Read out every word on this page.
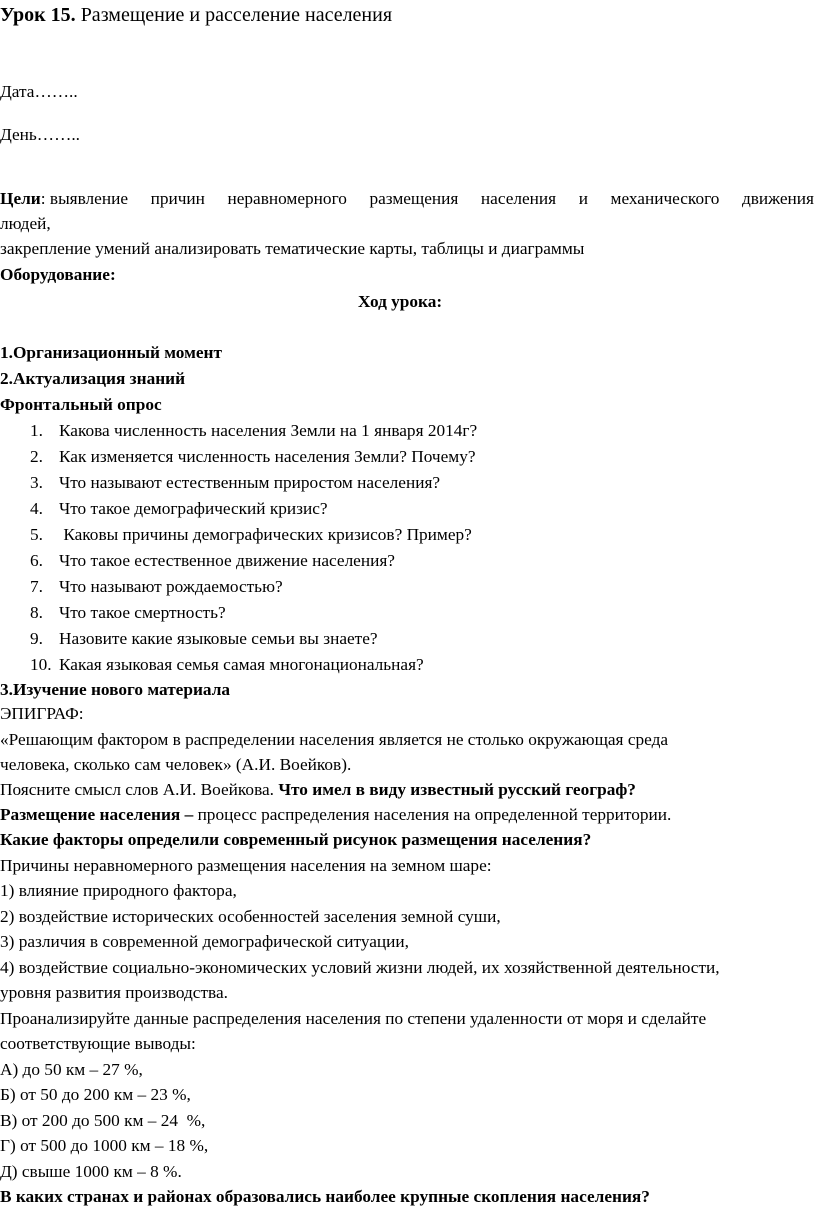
Урок 15. Размещение и расселение населения
Дата……..
День……..
Цели: выявление причин неравномерного размещения населения и механического движения
людей,
закрепление умений анализировать тематические карты, таблицы и диаграммы
Оборудование:
Ход урока:
1.Организационный момент
2.Актуализация знаний
Фронтальный опрос
1. Какова численность населения Земли на 1 января 2014г?
2. Как изменяется численность населения Земли? Почему?
3. Что называют естественным приростом населения?
4. Что такое демографический кризис?
5. Каковы причины демографических кризисов? Пример?
6. Что такое естественное движение населения?
7. Что называют рождаемостью?
8. Что такое смертность?
9. Назовите какие языковые семьи вы знаете?
10. Какая языковая семья самая многонациональная?
3.Изучение нового материала
ЭПИГРАФ:
«Решающим фактором в распределении населения является не столько окружающая среда
человека, сколько сам человек» (А.И. Воейков).
Поясните смысл слов А.И. Воейкова. Что имел в виду известный русский географ?
Размещение населения – процесс распределения населения на определенной территории.
Какие факторы определили современный рисунок размещения населения?
Причины неравномерного размещения населения на земном шаре:
1) влияние природного фактора,
2) воздействие исторических особенностей заселения земной суши,
3) различия в современной демографической ситуации,
4) воздействие социально-экономических условий жизни людей, их хозяйственной деятельности,
уровня развития производства.
Проанализируйте данные распределения населения по степени удаленности от моря и сделайте
соответствующие выводы:
А) до 50 км – 27 %,
Б) от 50 до 200 км – 23 %,
В) от 200 до 500 км – 24  %,
Г) от 500 до 1000 км – 18 %,
Д) свыше 1000 км – 8 %.
В каких странах и районах образовались наиболее крупные скопления населения?
